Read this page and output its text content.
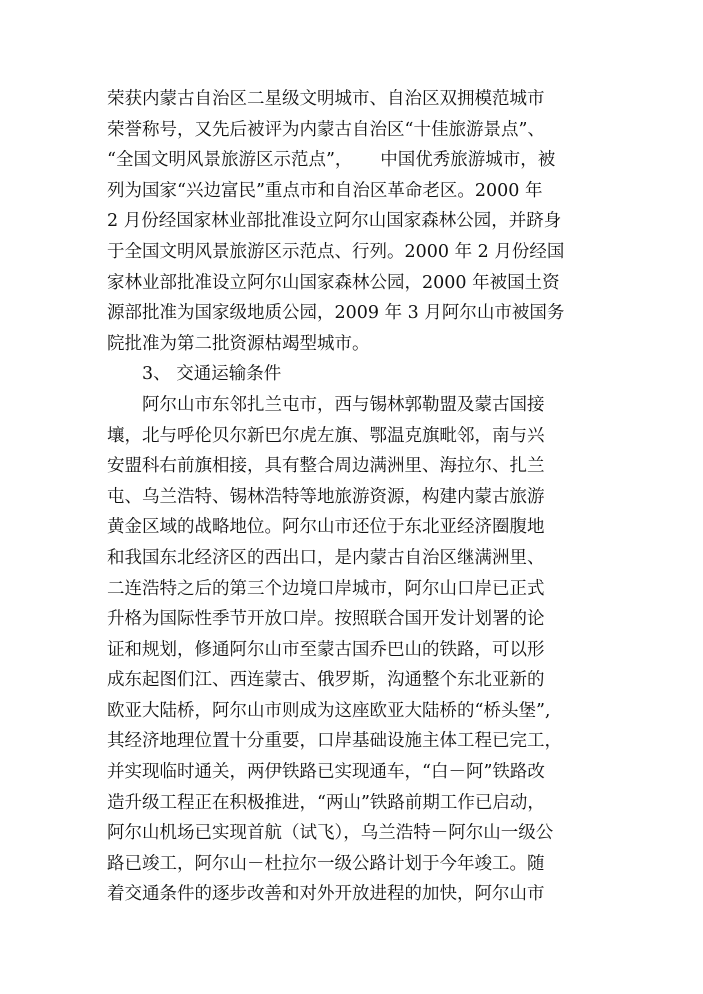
荣获内蒙古自治区二星级文明城市、自治区双拥模范城市
荣誉称号，又先后被评为内蒙古自治区“十佳旅游景点”、
“全国文明风景旅游区示范点”，     中国优秀旅游城市，被
列为国家“兴边富民”重点市和自治区革命老区。2000 年
2 月份经国家林业部批准设立阿尔山国家森林公园，并跻身
于全国文明风景旅游区示范点、行列。2000 年 2 月份经国
家林业部批准设立阿尔山国家森林公园，2000 年被国土资
源部批准为国家级地质公园，2009 年 3 月阿尔山市被国务
院批准为第二批资源枯竭型城市。
3、 交通运输条件
阿尔山市东邻扎兰屯市，西与锡林郭勒盟及蒙古国接
壤，北与呼伦贝尔新巴尔虎左旗、鄂温克旗毗邻，南与兴
安盟科右前旗相接，具有整合周边满洲里、海拉尔、扎兰
屯、乌兰浩特、锡林浩特等地旅游资源，构建内蒙古旅游
黄金区域的战略地位。阿尔山市还位于东北亚经济圈腹地
和我国东北经济区的西出口，是内蒙古自治区继满洲里、
二连浩特之后的第三个边境口岸城市，阿尔山口岸已正式
升格为国际性季节开放口岸。按照联合国开发计划署的论
证和规划，修通阿尔山市至蒙古国乔巴山的铁路，可以形
成东起图们江、西连蒙古、俄罗斯，沟通整个东北亚新的
欧亚大陆桥，阿尔山市则成为这座欧亚大陆桥的“桥头堡”,
其经济地理位置十分重要，口岸基础设施主体工程已完工，
并实现临时通关，两伊铁路已实现通车，“白－阿”铁路改
造升级工程正在积极推进，“两山”铁路前期工作已启动，
阿尔山机场已实现首航（试飞），乌兰浩特－阿尔山一级公
路已竣工，阿尔山－杜拉尔一级公路计划于今年竣工。随
着交通条件的逐步改善和对外开放进程的加快，阿尔山市
